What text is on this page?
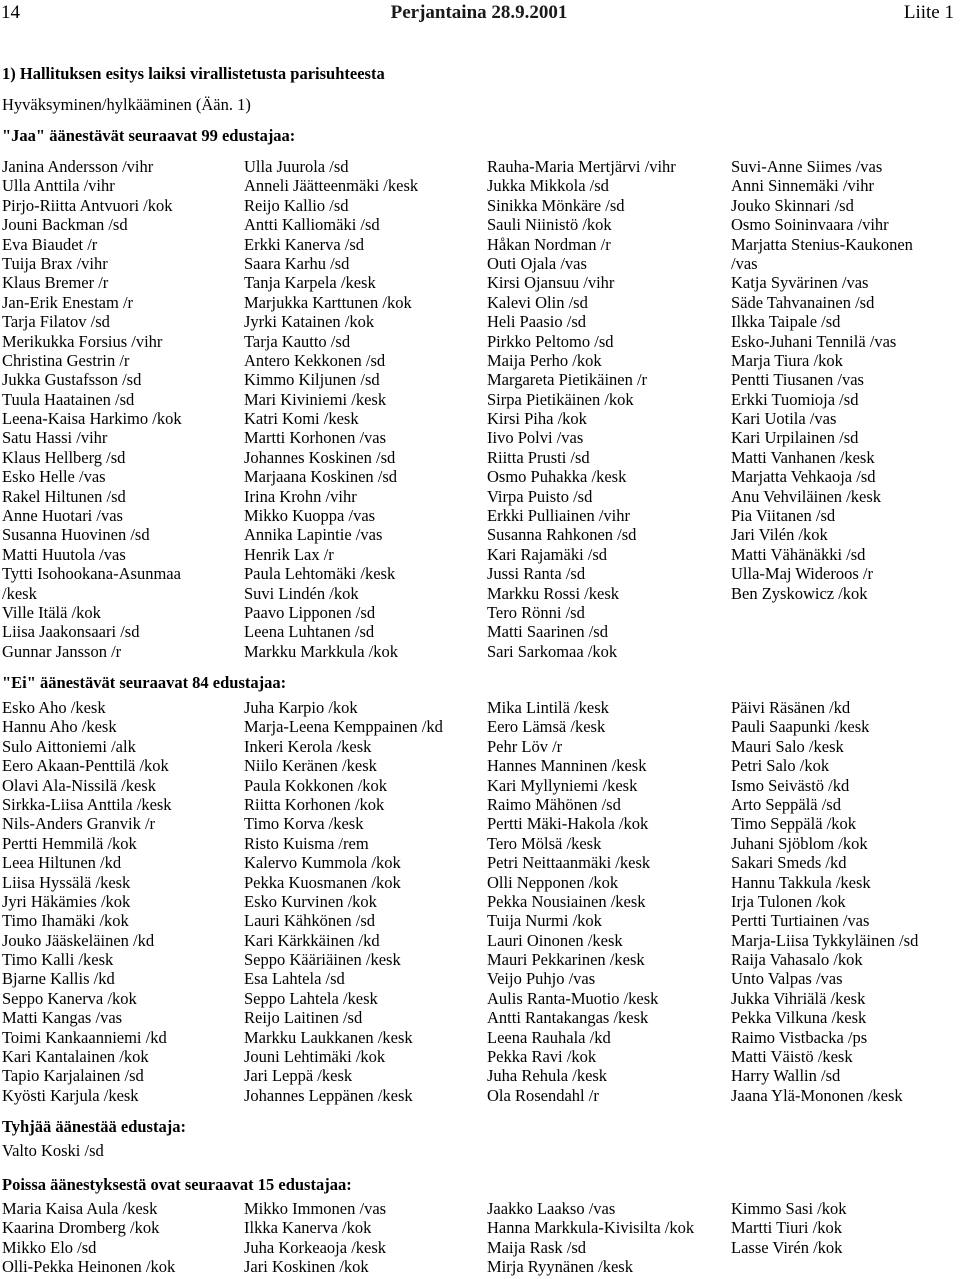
14	Perjantaina 28.9.2001	Liite 1
1) Hallituksen esitys laiksi virallistetusta parisuhteesta
Hyväksyminen/hylkääminen (Ään. 1)
"Jaa" äänestävät seuraavat 99 edustajaa:
Janina Andersson /vihr
Ulla Anttila /vihr
Pirjo-Riitta Antvuori /kok
Jouni Backman /sd
Eva Biaudet /r
Tuija Brax /vihr
Klaus Bremer /r
Jan-Erik Enestam /r
Tarja Filatov /sd
Merikukka Forsius /vihr
Christina Gestrin /r
Jukka Gustafsson /sd
Tuula Haatainen /sd
Leena-Kaisa Harkimo /kok
Satu Hassi /vihr
Klaus Hellberg /sd
Esko Helle /vas
Rakel Hiltunen /sd
Anne Huotari /vas
Susanna Huovinen /sd
Matti Huutola /vas
Tytti Isohookana-Asunmaa
/kesk
Ville Itälä /kok
Liisa Jaakonsaari /sd
Gunnar Jansson /r
Ulla Juurola /sd
Anneli Jäätteenmäki /kesk
Reijo Kallio /sd
Antti Kalliomäki /sd
Erkki Kanerva /sd
Saara Karhu /sd
Tanja Karpela /kesk
Marjukka Karttunen /kok
Jyrki Katainen /kok
Tarja Kautto /sd
Antero Kekkonen /sd
Kimmo Kiljunen /sd
Mari Kiviniemi /kesk
Katri Komi /kesk
Martti Korhonen /vas
Johannes Koskinen /sd
Marjaana Koskinen /sd
Irina Krohn /vihr
Mikko Kuoppa /vas
Annika Lapintie /vas
Henrik Lax /r
Paula Lehtomäki /kesk
Suvi Lindén /kok
Paavo Lipponen /sd
Leena Luhtanen /sd
Markku Markkula /kok
Rauha-Maria Mertjärvi /vihr
Jukka Mikkola /sd
Sinikka Mönkäre /sd
Sauli Niinistö /kok
Håkan Nordman /r
Outi Ojala /vas
Kirsi Ojansuu /vihr
Kalevi Olin /sd
Heli Paasio /sd
Pirkko Peltomo /sd
Maija Perho /kok
Margareta Pietikäinen /r
Sirpa Pietikäinen /kok
Kirsi Piha /kok
Iivo Polvi /vas
Riitta Prusti /sd
Osmo Puhakka /kesk
Virpa Puisto /sd
Erkki Pulliainen /vihr
Susanna Rahkonen /sd
Kari Rajamäki /sd
Jussi Ranta /sd
Markku Rossi /kesk
Tero Rönni /sd
Matti Saarinen /sd
Sari Sarkomaa /kok
Suvi-Anne Siimes /vas
Anni Sinnemäki /vihr
Jouko Skinnari /sd
Osmo Soininvaara /vihr
Marjatta Stenius-Kaukonen
/vas
Katja Syvärinen /vas
Säde Tahvanainen /sd
Ilkka Taipale /sd
Esko-Juhani Tennilä /vas
Marja Tiura /kok
Pentti Tiusanen /vas
Erkki Tuomioja /sd
Kari Uotila /vas
Kari Urpilainen /sd
Matti Vanhanen /kesk
Marjatta Vehkaoja /sd
Anu Vehviläinen /kesk
Pia Viitanen /sd
Jari Vilén /kok
Matti Vähänäkki /sd
Ulla-Maj Wideroos /r
Ben Zyskowicz /kok
"Ei" äänestävät seuraavat 84 edustajaa:
Esko Aho /kesk
Hannu Aho /kesk
Sulo Aittoniemi /alk
Eero Akaan-Penttilä /kok
Olavi Ala-Nissilä /kesk
Sirkka-Liisa Anttila /kesk
Nils-Anders Granvik /r
Pertti Hemmilä /kok
Leea Hiltunen /kd
Liisa Hyssälä /kesk
Jyri Häkämies /kok
Timo Ihamäki /kok
Jouko Jääskeläinen /kd
Timo Kalli /kesk
Bjarne Kallis /kd
Seppo Kanerva /kok
Matti Kangas /vas
Toimi Kankaanniemi /kd
Kari Kantalainen /kok
Tapio Karjalainen /sd
Kyösti Karjula /kesk
Juha Karpio /kok
Marja-Leena Kemppainen /kd
Inkeri Kerola /kesk
Niilo Keränen /kesk
Paula Kokkonen /kok
Riitta Korhonen /kok
Timo Korva /kesk
Risto Kuisma /rem
Kalervo Kummola /kok
Pekka Kuosmanen /kok
Esko Kurvinen /kok
Lauri Kähkönen /sd
Kari Kärkkäinen /kd
Seppo Kääriäinen /kesk
Esa Lahtela /sd
Seppo Lahtela /kesk
Reijo Laitinen /sd
Markku Laukkanen /kesk
Jouni Lehtimäki /kok
Jari Leppä /kesk
Johannes Leppänen /kesk
Mika Lintilä /kesk
Eero Lämsä /kesk
Pehr Löv /r
Hannes Manninen /kesk
Kari Myllyniemi /kesk
Raimo Mähönen /sd
Pertti Mäki-Hakola /kok
Tero Mölsä /kesk
Petri Neittaanmäki /kesk
Olli Nepponen /kok
Pekka Nousiainen /kesk
Tuija Nurmi /kok
Lauri Oinonen /kesk
Mauri Pekkarinen /kesk
Veijo Puhjo /vas
Aulis Ranta-Muotio /kesk
Antti Rantakangas /kesk
Leena Rauhala /kd
Pekka Ravi /kok
Juha Rehula /kesk
Ola Rosendahl /r
Päivi Räsänen /kd
Pauli Saapunki /kesk
Mauri Salo /kesk
Petri Salo /kok
Ismo Seivästö /kd
Arto Seppälä /sd
Timo Seppälä /kok
Juhani Sjöblom /kok
Sakari Smeds /kd
Hannu Takkula /kesk
Irja Tulonen /kok
Pertti Turtiainen /vas
Marja-Liisa Tykkyläinen /sd
Raija Vahasalo /kok
Unto Valpas /vas
Jukka Vihriälä /kesk
Pekka Vilkuna /kesk
Raimo Vistbacka /ps
Matti Väistö /kesk
Harry Wallin /sd
Jaana Ylä-Mononen /kesk
Tyhjää äänestää edustaja:
Valto Koski /sd
Poissa äänestyksestä ovat seuraavat 15 edustajaa:
Maria Kaisa Aula /kesk
Kaarina Dromberg /kok
Mikko Elo /sd
Olli-Pekka Heinonen /kok
Mikko Immonen /vas
Ilkka Kanerva /kok
Juha Korkeaoja /kesk
Jari Koskinen /kok
Jaakko Laakso /vas
Hanna Markkula-Kivisilta /kok
Maija Rask /sd
Mirja Ryynänen /kesk
Kimmo Sasi /kok
Martti Tiuri /kok
Lasse Virén /kok
